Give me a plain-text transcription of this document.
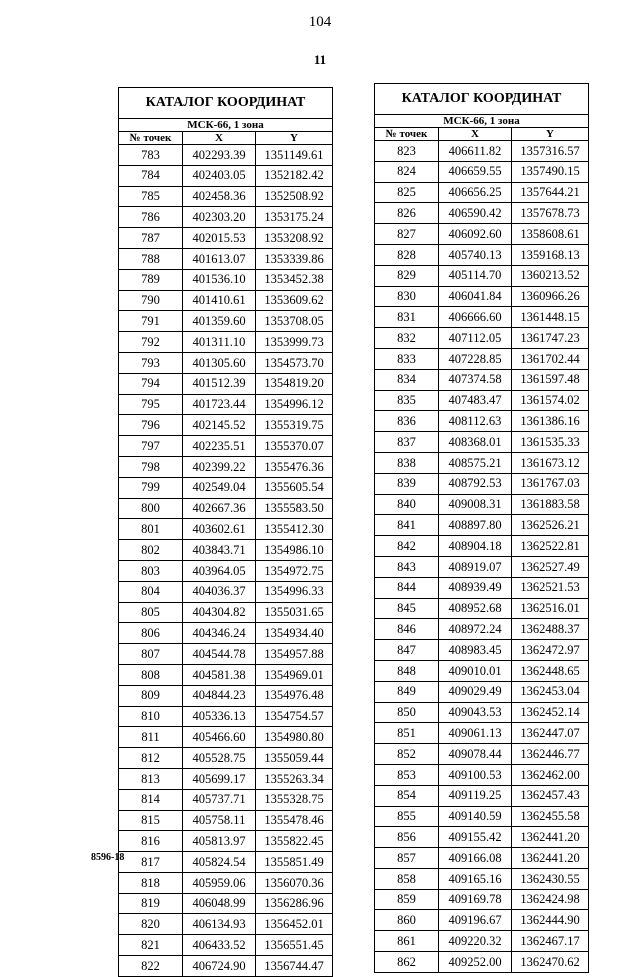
104
11
КАТАЛОГ КООРДИНАТ		
МСК-66, 1 зона		
№ точек	X	Y
783	402293.39	1351149.61
784	402403.05	1352182.42
785	402458.36	1352508.92
786	402303.20	1353175.24
787	402015.53	1353208.92
788	401613.07	1353339.86
789	401536.10	1353452.38
790	401410.61	1353609.62
791	401359.60	1353708.05
792	401311.10	1353999.73
793	401305.60	1354573.70
794	401512.39	1354819.20
795	401723.44	1354996.12
796	402145.52	1355319.75
797	402235.51	1355370.07
798	402399.22	1355476.36
799	402549.04	1355605.54
800	402667.36	1355583.50
801	403602.61	1355412.30
802	403843.71	1354986.10
803	403964.05	1354972.75
804	404036.37	1354996.33
805	404304.82	1355031.65
806	404346.24	1354934.40
807	404544.78	1354957.88
808	404581.38	1354969.01
809	404844.23	1354976.48
810	405336.13	1354754.57
811	405466.60	1354980.80
812	405528.75	1355059.44
813	405699.17	1355263.34
814	405737.71	1355328.75
815	405758.11	1355478.46
816	405813.97	1355822.45
817	405824.54	1355851.49
818	405959.06	1356070.36
819	406048.99	1356286.96
820	406134.93	1356452.01
821	406433.52	1356551.45
822	406724.90	1356744.47
КАТАЛОГ КООРДИНАТ		
МСК-66, 1 зона		
№ точек	X	Y
823	406611.82	1357316.57
824	406659.55	1357490.15
825	406656.25	1357644.21
826	406590.42	1357678.73
827	406092.60	1358608.61
828	405740.13	1359168.13
829	405114.70	1360213.52
830	406041.84	1360966.26
831	406666.60	1361448.15
832	407112.05	1361747.23
833	407228.85	1361702.44
834	407374.58	1361597.48
835	407483.47	1361574.02
836	408112.63	1361386.16
837	408368.01	1361535.33
838	408575.21	1361673.12
839	408792.53	1361767.03
840	409008.31	1361883.58
841	408897.80	1362526.21
842	408904.18	1362522.81
843	408919.07	1362527.49
844	408939.49	1362521.53
845	408952.68	1362516.01
846	408972.24	1362488.37
847	408983.45	1362472.97
848	409010.01	1362448.65
849	409029.49	1362453.04
850	409043.53	1362452.14
851	409061.13	1362447.07
852	409078.44	1362446.77
853	409100.53	1362462.00
854	409119.25	1362457.43
855	409140.59	1362455.58
856	409155.42	1362441.20
857	409166.08	1362441.20
858	409165.16	1362430.55
859	409169.78	1362424.98
860	409196.67	1362444.90
861	409220.32	1362467.17
862	409252.00	1362470.62
8596-18
